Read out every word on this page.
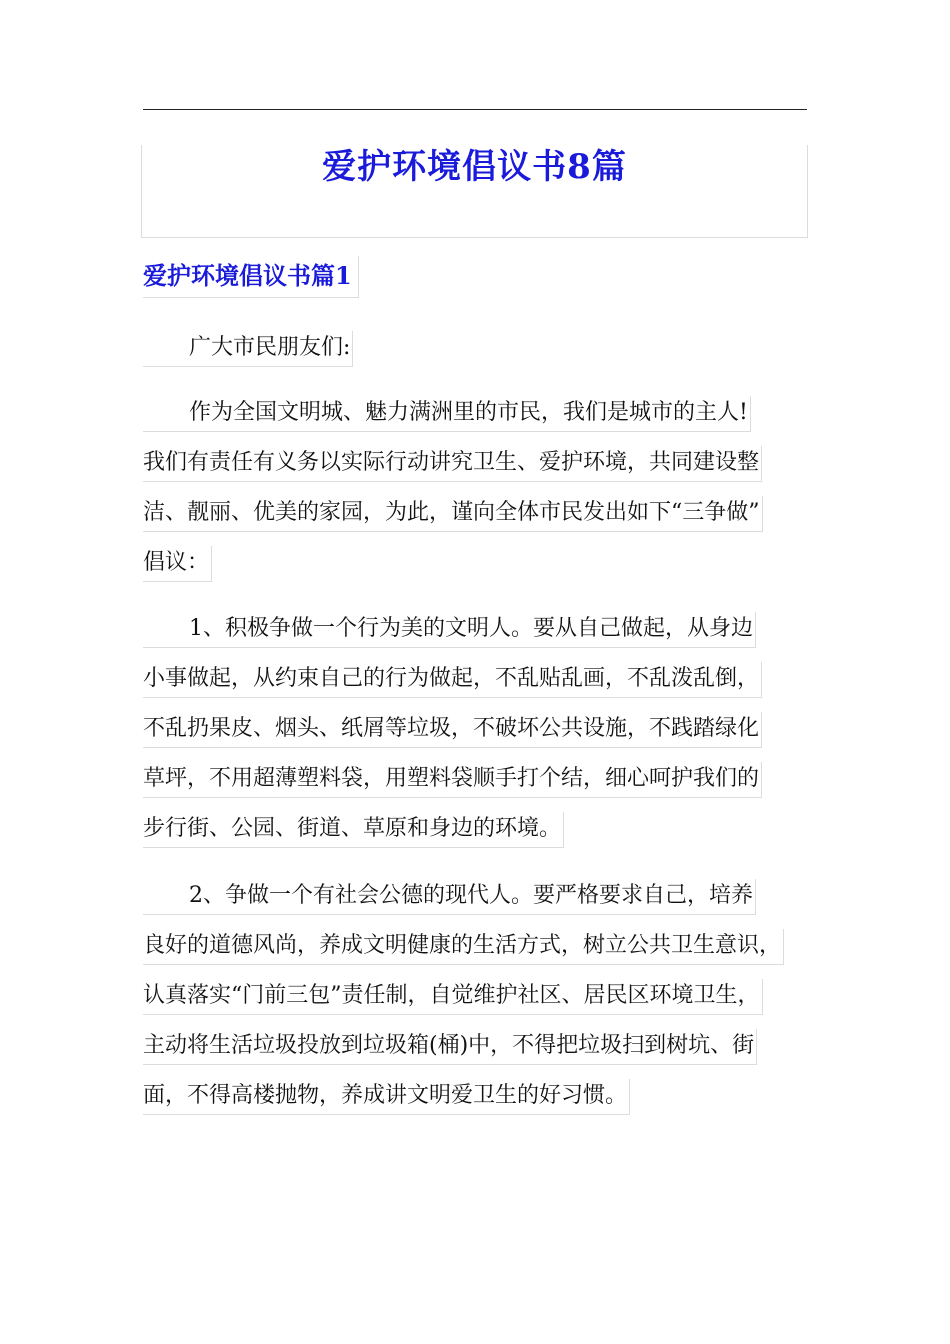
爱护环境倡议书8篇
爱护环境倡议书篇1
广大市民朋友们:
作为全国文明城、魅力满洲里的市民，我们是城市的主人!
我们有责任有义务以实际行动讲究卫生、爱护环境，共同建设整
洁、靓丽、优美的家园，为此，谨向全体市民发出如下“三争做”
倡议：
1、积极争做一个行为美的文明人。要从自己做起，从身边
小事做起，从约束自己的行为做起，不乱贴乱画，不乱泼乱倒，
不乱扔果皮、烟头、纸屑等垃圾，不破坏公共设施，不践踏绿化
草坪，不用超薄塑料袋，用塑料袋顺手打个结，细心呵护我们的
步行街、公园、街道、草原和身边的环境。
2、争做一个有社会公德的现代人。要严格要求自己，培养
良好的道德风尚，养成文明健康的生活方式，树立公共卫生意识，
认真落实“门前三包”责任制，自觉维护社区、居民区环境卫生，
主动将生活垃圾投放到垃圾箱(桶)中，不得把垃圾扫到树坑、街
面，不得高楼抛物，养成讲文明爱卫生的好习惯。
